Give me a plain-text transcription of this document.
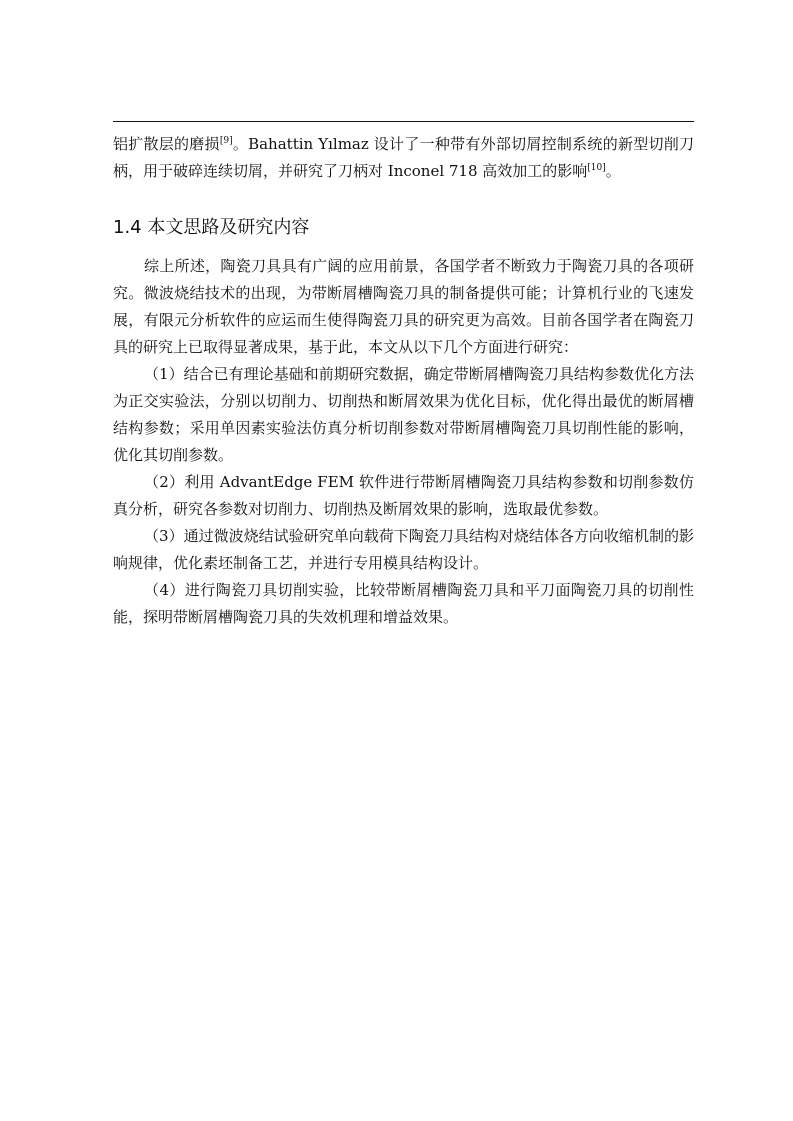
铝扩散层的磨损[9]。Bahattin Yılmaz 设计了一种带有外部切屑控制系统的新型切削刀柄，用于破碎连续切屑，并研究了刀柄对 Inconel 718 高效加工的影响[10]。

1.4 本文思路及研究内容

综上所述，陶瓷刀具具有广阔的应用前景，各国学者不断致力于陶瓷刀具的各项研究。微波烧结技术的出现，为带断屑槽陶瓷刀具的制备提供可能；计算机行业的飞速发展，有限元分析软件的应运而生使得陶瓷刀具的研究更为高效。目前各国学者在陶瓷刀具的研究上已取得显著成果，基于此，本文从以下几个方面进行研究：

（1）结合已有理论基础和前期研究数据，确定带断屑槽陶瓷刀具结构参数优化方法为正交实验法，分别以切削力、切削热和断屑效果为优化目标，优化得出最优的断屑槽结构参数；采用单因素实验法仿真分析切削参数对带断屑槽陶瓷刀具切削性能的影响，优化其切削参数。

（2）利用 AdvantEdge FEM 软件进行带断屑槽陶瓷刀具结构参数和切削参数仿真分析，研究各参数对切削力、切削热及断屑效果的影响，选取最优参数。

（3）通过微波烧结试验研究单向载荷下陶瓷刀具结构对烧结体各方向收缩机制的影响规律，优化素坯制备工艺，并进行专用模具结构设计。

（4）进行陶瓷刀具切削实验，比较带断屑槽陶瓷刀具和平刀面陶瓷刀具的切削性能，探明带断屑槽陶瓷刀具的失效机理和增益效果。
